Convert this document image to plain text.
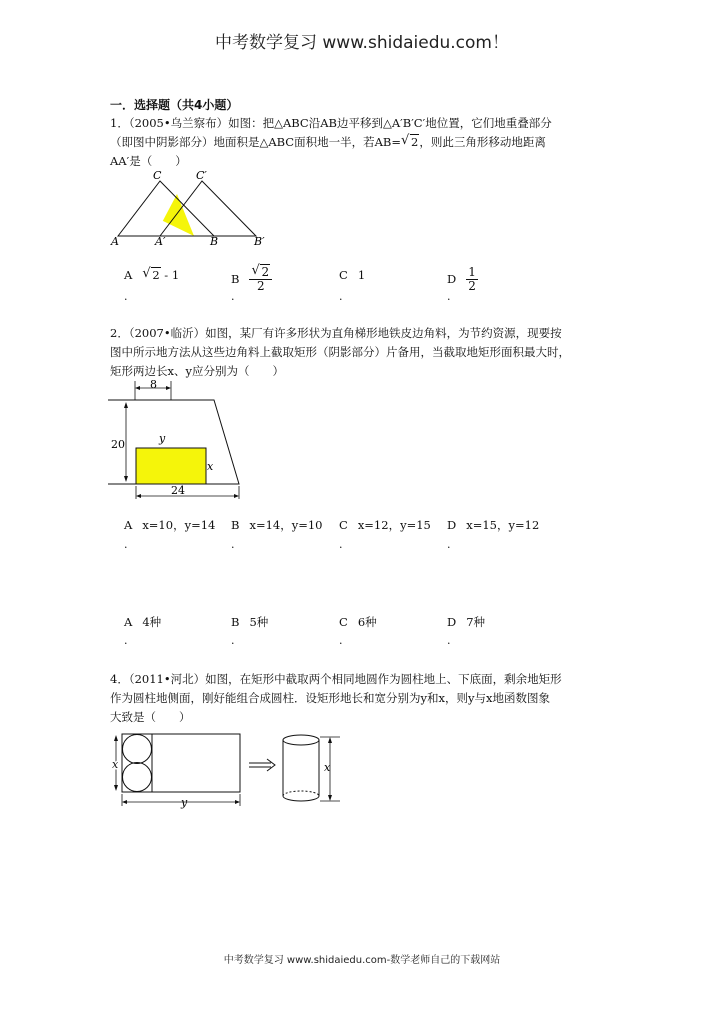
中考数学复习 www.shidaiedu.com！
一．选择题（共4小题）
1．（2005•乌兰察布）如图：把△ABC沿AB边平移到△A′B′C′地位置，它们地重叠部分
（即图中阴影部分）地面积是△ABC面积地一半，若AB= √ 2，则此三角形移动地距离
AA′是（　　）
C	C′
A	A′	B	B′
A √ 2 - 1
.
B $\frac{√ 2}{2}$
.
C 1
.
D $\frac{1}{2}$
.
2．（2007•临沂）如图，某厂有许多形状为直角梯形地铁皮边角料，为节约资源，现要按
图中所示地方法从这些边角料上截取矩形（阴影部分）片备用，当截取地矩形面积最大时，
矩形两边长x、y应分别为（　　）
8
20	y
x
24
A x=10，y=14
.
B x=14，y=10
.
C x=12，y=15
.
D x=15，y=12
.
A 4种
.
B 5种
.
C 6种
.
D 7种
.
4．（2011•河北）如图，在矩形中截取两个相同地圆作为圆柱地上、下底面，剩余地矩形
作为圆柱地侧面，刚好能组合成圆柱．设矩形地长和宽分别为y和x，则y与x地函数图象
大致是（　　）
x
y
x
中考数学复习 www.shidaiedu.com-数学老师自己的下载网站
